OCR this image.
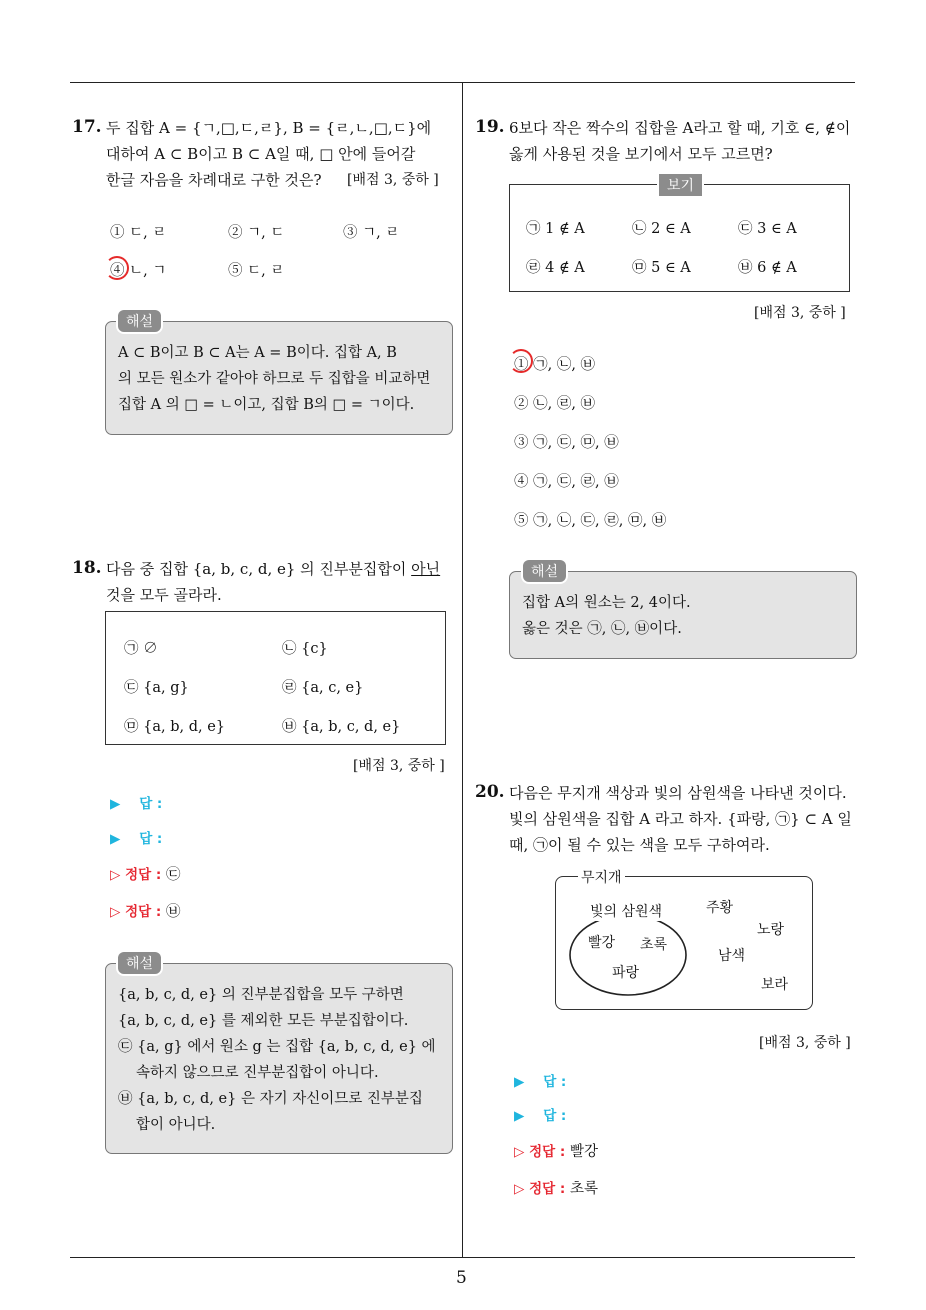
5
17. 두 집합 A = {ㄱ,□,ㄷ,ㄹ}, B = {ㄹ,ㄴ,□,ㄷ}에
대하여 A ⊂ B이고 B ⊂ A일 때, □ 안에 들어갈
한글 자음을 차례대로 구한 것은? [배점 3, 중하 ]
① ㄷ, ㄹ	② ㄱ, ㄷ	③ ㄱ, ㄹ
④ ㄴ, ㄱ	⑤ ㄷ, ㄹ
A ⊂ B이고 B ⊂ A는 A = B이다. 집합 A, B
의 모든 원소가 같아야 하므로 두 집합을 비교하면
집합 A 의 □ = ㄴ이고, 집합 B의 □ = ㄱ이다.
해설
18. 다음 중 집합 {a, b, c, d, e} 의 진부분집합이 아닌
것을 모두 골라라.
㉠ ∅	㉡ {c}
㉢ {a, g}	㉣ {a, c, e}
㉤ {a, b, d, e}	㉥ {a, b, c, d, e}
[배점 3, 중하 ]
▶    답 :
▶    답 :
▷ 정답 : ㉢
▷ 정답 : ㉥
{a, b, c, d, e} 의 진부분집합을 모두 구하면
{a, b, c, d, e} 를 제외한 모든 부분집합이다.
㉢ {a, g} 에서 원소 g 는 집합 {a, b, c, d, e} 에
속하지 않으므로 진부분집합이 아니다.
㉥ {a, b, c, d, e} 은 자기 자신이므로 진부분집
합이 아니다.
해설
19. 6보다 작은 짝수의 집합을 A라고 할 때, 기호 ∈, ∉이
옳게 사용된 것을 보기에서 모두 고르면?
㉠ 1 ∉ A	㉡ 2 ∈ A	㉢ 3 ∈ A
㉣ 4 ∉ A	㉤ 5 ∈ A	㉥ 6 ∉ A
보기
[배점 3, 중하 ]
① ㉠, ㉡, ㉥
② ㉡, ㉣, ㉥
③ ㉠, ㉢, ㉤, ㉥
④ ㉠, ㉢, ㉣, ㉥
⑤ ㉠, ㉡, ㉢, ㉣, ㉤, ㉥
집합 A의 원소는 2, 4이다.
옳은 것은 ㉠, ㉡, ㉥이다.
해설
20. 다음은 무지개 색상과 빛의 삼원색을 나타낸 것이다.
빛의 삼원색을 집합 A 라고 하자. {파랑, ㉠} ⊂ A 일
때, ㉠이 될 수 있는 색을 모두 구하여라.
무지개
빛의 삼원색
빨강 초록
파랑
주황
노랑
남색
보라
[배점 3, 중하 ]
▶    답 :
▶    답 :
▷ 정답 : 빨강
▷ 정답 : 초록
